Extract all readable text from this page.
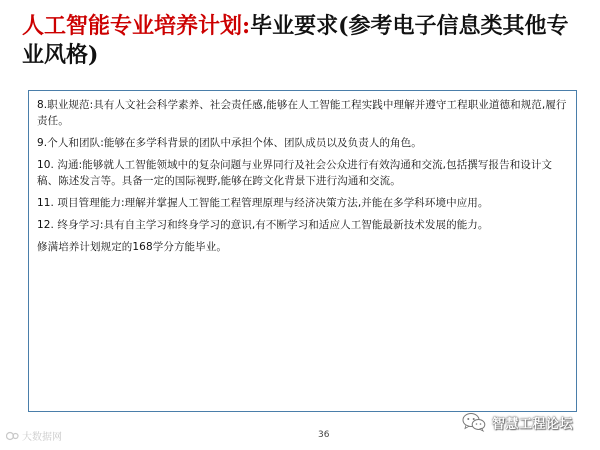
人工智能专业培养计划:毕业要求(参考电子信息类其他专业风格)

8.职业规范:具有人文社会科学素养、社会责任感,能够在人工智能工程实践中理解并遵守工程职业道德和规范,履行责任。

9.个人和团队:能够在多学科背景的团队中承担个体、团队成员以及负责人的角色。

10. 沟通:能够就人工智能领域中的复杂问题与业界同行及社会公众进行有效沟通和交流,包括撰写报告和设计文稿、陈述发言等。具备一定的国际视野,能够在跨文化背景下进行沟通和交流。

11. 项目管理能力:理解并掌握人工智能工程管理原理与经济决策方法,并能在多学科环境中应用。

12. 终身学习:具有自主学习和终身学习的意识,有不断学习和适应人工智能最新技术发展的能力。

修满培养计划规定的168学分方能毕业。

大数据网	36
智慧工程论坛
